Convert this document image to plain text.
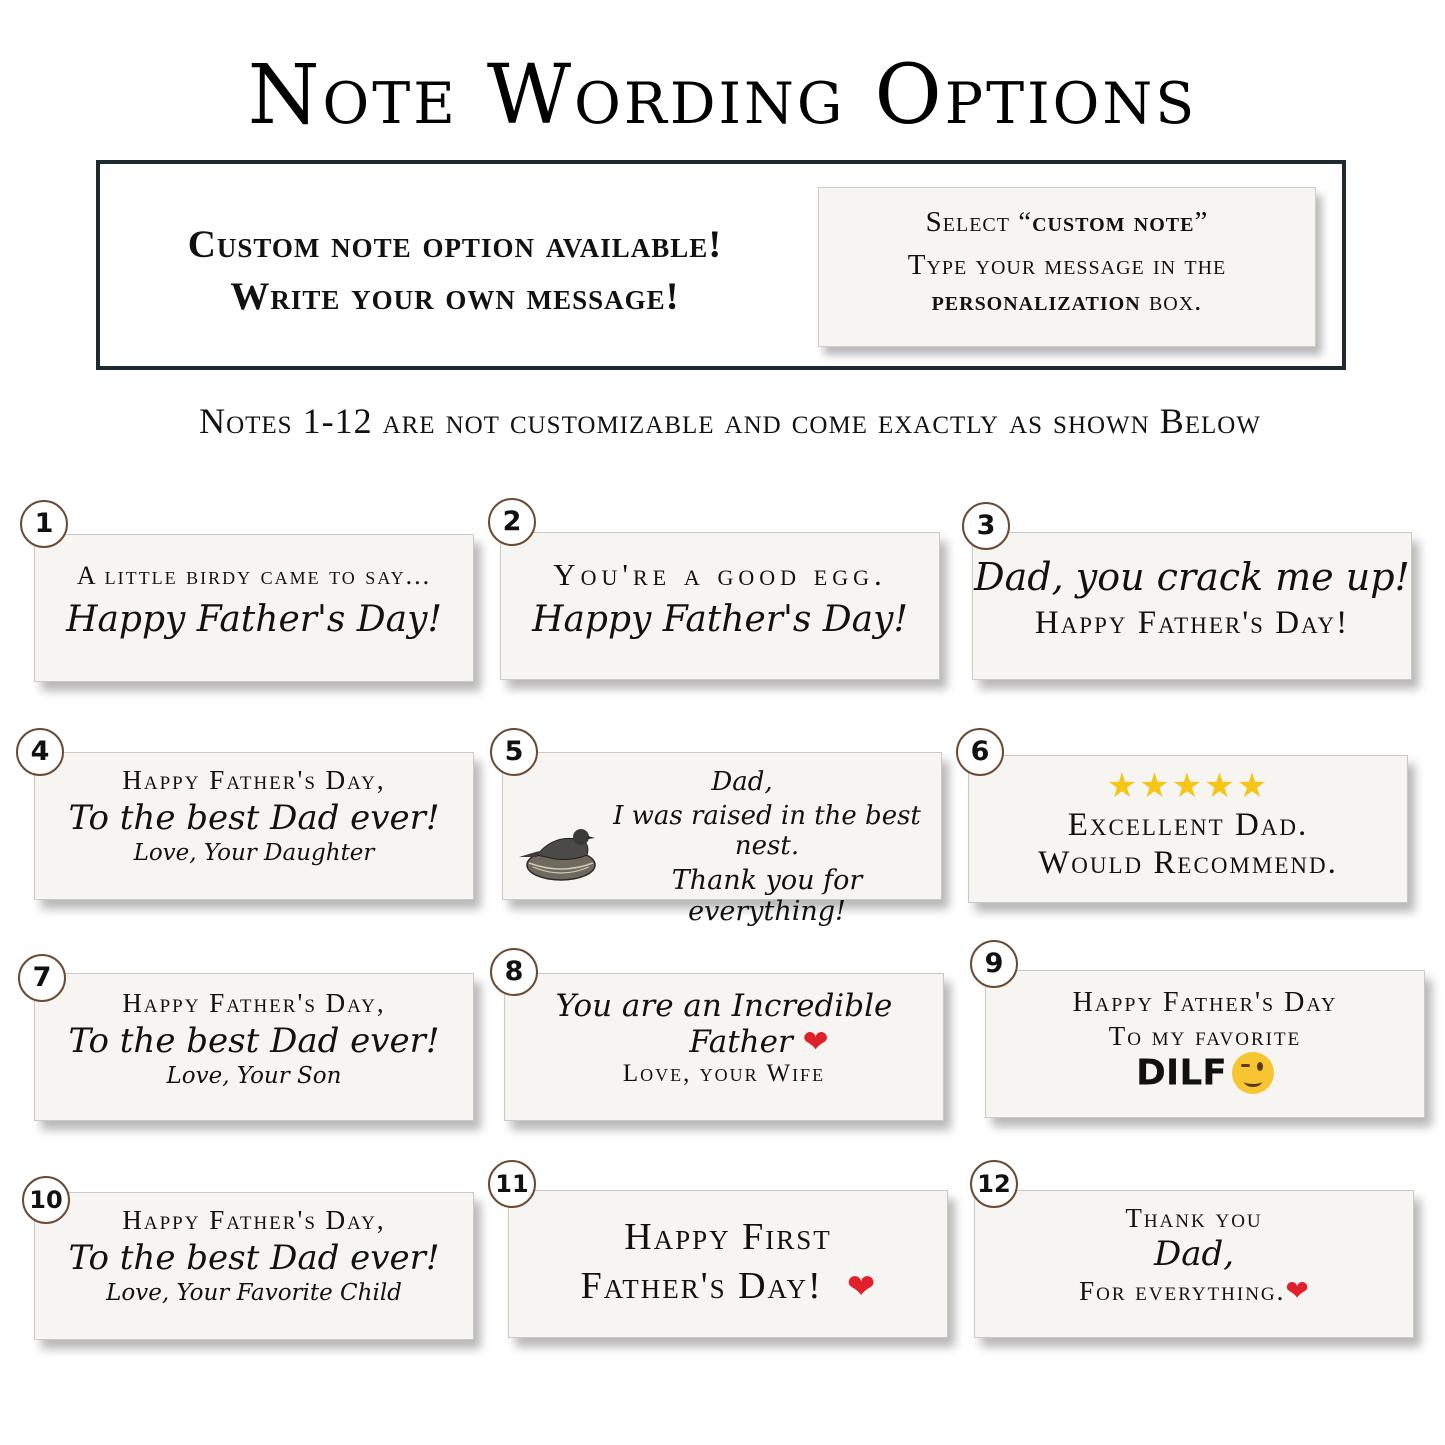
Note Wording Options
Custom note option available!
Write your own message!
Select “custom note”
Type your message in the
personalization box.
Notes 1-12 are not customizable and come exactly as shown Below
A little birdy came to say...
Happy Father's Day!
1
You're a good egg.
Happy Father's Day!
2
Dad, you crack me up!
Happy Father's Day!
3
Happy Father's Day,
To the best Dad ever!
Love, Your Daughter
4
Dad,
I was raised in the best nest.
Thank you for everything!
5
★★★★★
Excellent Dad.
Would Recommend.
6
Happy Father's Day,
To the best Dad ever!
Love, Your Son
7
You are an Incredible
Father ❤
Love, your Wife
8
Happy Father's Day
To my favorite
DILF
9
Happy Father's Day,
To the best Dad ever!
Love, Your Favorite Child
10
Happy First
Father's Day! ❤
11
Thank you
Dad,
For everything.❤
12
